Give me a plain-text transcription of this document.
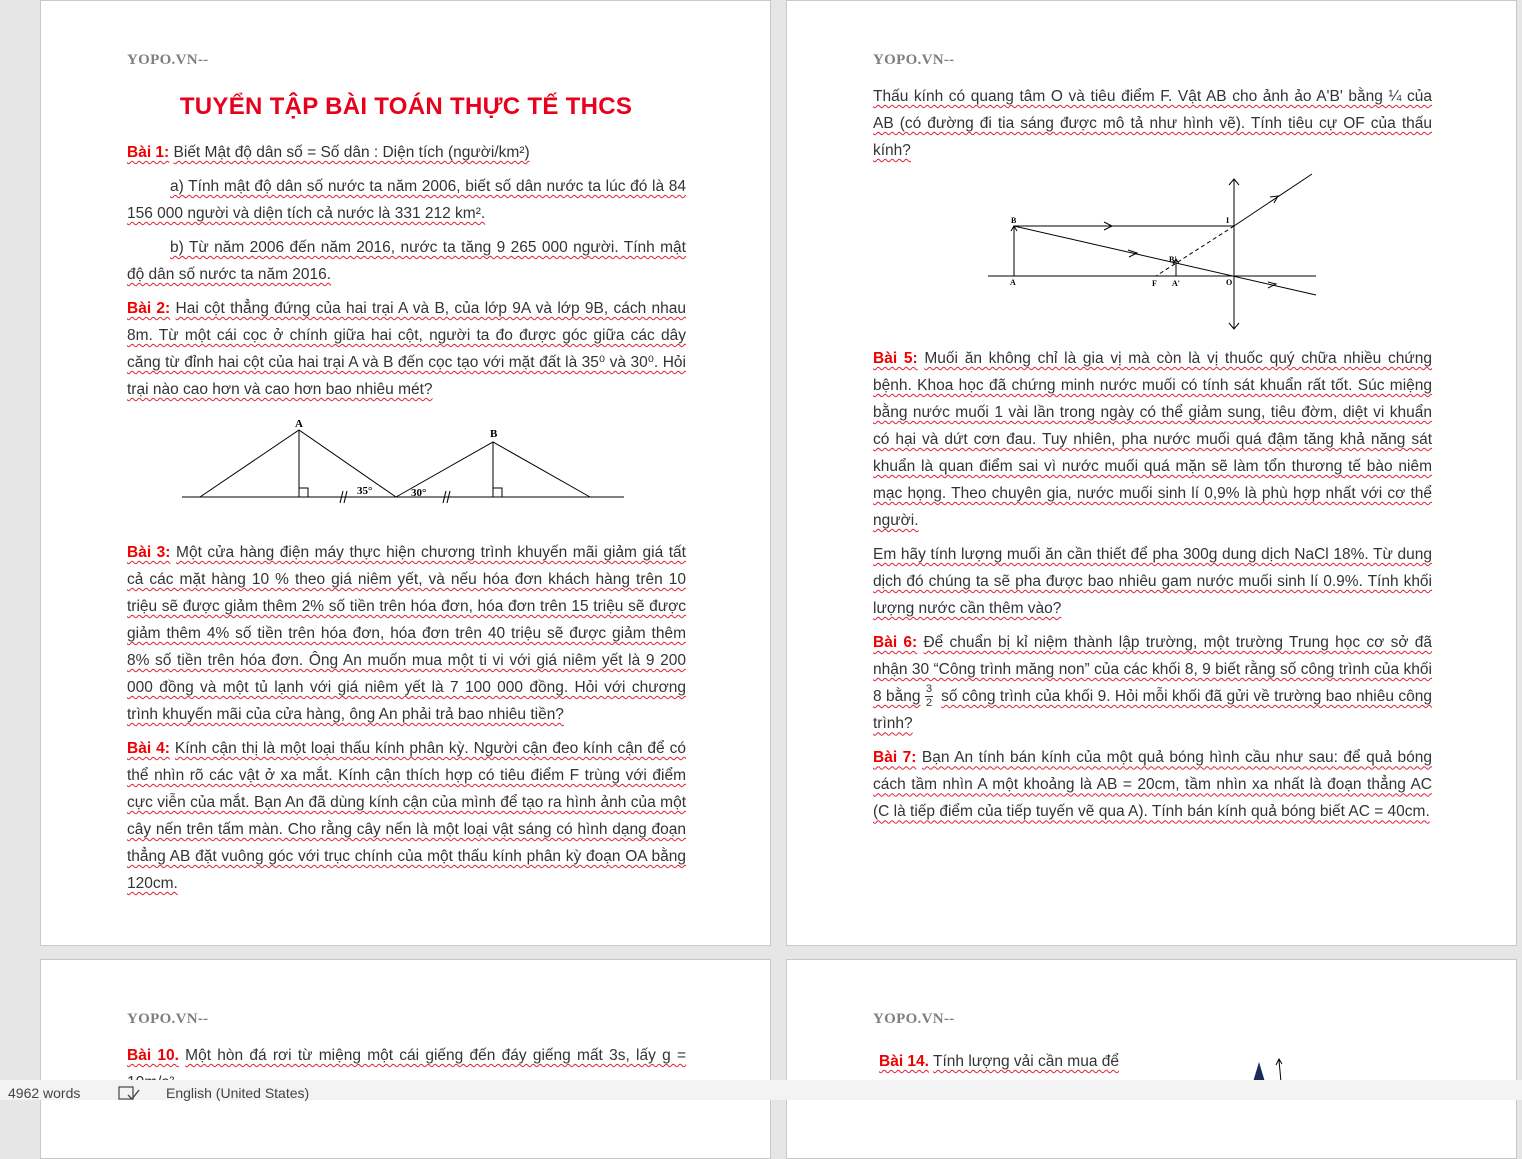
YOPO.VN--
TUYỂN TẬP BÀI TOÁN THỰC TẾ THCS

Bài 1: Biết Mật độ dân số = Số dân : Diện tích (người/km²)

a) Tính mật độ dân số nước ta năm 2006, biết số dân nước ta lúc đó là 84 156 000 người và diện tích cả nước là 331 212 km².

b) Từ năm 2006 đến năm 2016, nước ta tăng 9 265 000 người. Tính mật độ dân số nước ta năm 2016.

Bài 2: Hai cột thẳng đứng của hai trại A và B, của lớp 9A và lớp 9B, cách nhau 8m. Từ một cái cọc ở chính giữa hai cột, người ta đo được góc giữa các dây căng từ đỉnh hai cột của hai trại A và B đến cọc tạo với mặt đất là 35⁰ và 30⁰. Hỏi trại nào cao hơn và cao hơn bao nhiêu mét?

A
B
35°	30°

Bài 3: Một cửa hàng điện máy thực hiện chương trình khuyến mãi giảm giá tất cả các mặt hàng 10 % theo giá niêm yết, và nếu hóa đơn khách hàng trên 10 triệu sẽ được giảm thêm 2% số tiền trên hóa đơn, hóa đơn trên 15 triệu sẽ được giảm thêm 4% số tiền trên hóa đơn, hóa đơn trên 40 triệu sẽ được giảm thêm 8% số tiền trên hóa đơn. Ông An muốn mua một ti vi với giá niêm yết là 9 200 000 đồng và một tủ lạnh với giá niêm yết là 7 100 000 đồng. Hỏi với chương trình khuyến mãi của cửa hàng, ông An phải trả bao nhiêu tiền?

Bài 4: Kính cận thị là một loại thấu kính phân kỳ. Người cận đeo kính cận để có thể nhìn rõ các vật ở xa mắt. Kính cận thích hợp có tiêu điểm F trùng với điểm cực viễn của mắt. Bạn An đã dùng kính cận của mình để tạo ra hình ảnh của một cây nến trên tấm màn. Cho rằng cây nến là một loại vật sáng có hình dạng đoạn thẳng AB đặt vuông góc với trục chính của một thấu kính phân kỳ đoạn OA bằng 120cm.

YOPO.VN--

Thấu kính có quang tâm O và tiêu điểm F. Vật AB cho ảnh ảo A'B' bằng ¼ của AB (có đường đi tia sáng được mô tả như hình vẽ). Tính tiêu cự OF của thấu kính?

B	I
B'
A	F A'	O

Bài 5: Muối ăn không chỉ là gia vị mà còn là vị thuốc quý chữa nhiều chứng bệnh. Khoa học đã chứng minh nước muối có tính sát khuẩn rất tốt. Súc miệng bằng nước muối 1 vài lần trong ngày có thể giảm sung, tiêu đờm, diệt vi khuẩn có hại và dứt cơn đau. Tuy nhiên, pha nước muối quá đậm tăng khả năng sát khuẩn là quan điểm sai vì nước muối quá mặn sẽ làm tổn thương tế bào niêm mạc họng. Theo chuyên gia, nước muối sinh lí 0,9% là phù hợp nhất với cơ thể người.

Em hãy tính lượng muối ăn cần thiết để pha 300g dung dịch NaCl 18%. Từ dung dịch đó chúng ta sẽ pha được bao nhiêu gam nước muối sinh lí 0.9%. Tính khối lượng nước cần thêm vào?

Bài 6: Để chuẩn bị kỉ niệm thành lập trường, một trường Trung học cơ sở đã nhận 30 “Công trình măng non” của các khối 8, 9 biết rằng số công trình của khối 8 bằng $\frac{3}{2}$ số công trình của khối 9. Hỏi mỗi khối đã gửi về trường bao nhiêu công trình?

Bài 7: Bạn An tính bán kính của một quả bóng hình cầu như sau: để quả bóng cách tầm nhìn A một khoảng là AB = 20cm, tầm nhìn xa nhất là đoạn thẳng AC (C là tiếp điểm của tiếp tuyến vẽ qua A). Tính bán kính quả bóng biết AC = 40cm.

YOPO.VN--

Bài 10. Một hòn đá rơi từ miệng một cái giếng đến đáy giếng mất 3s, lấy g =

YOPO.VN--

Bài 14. Tính lượng vải cần mua để

4962 words	English (United States)
